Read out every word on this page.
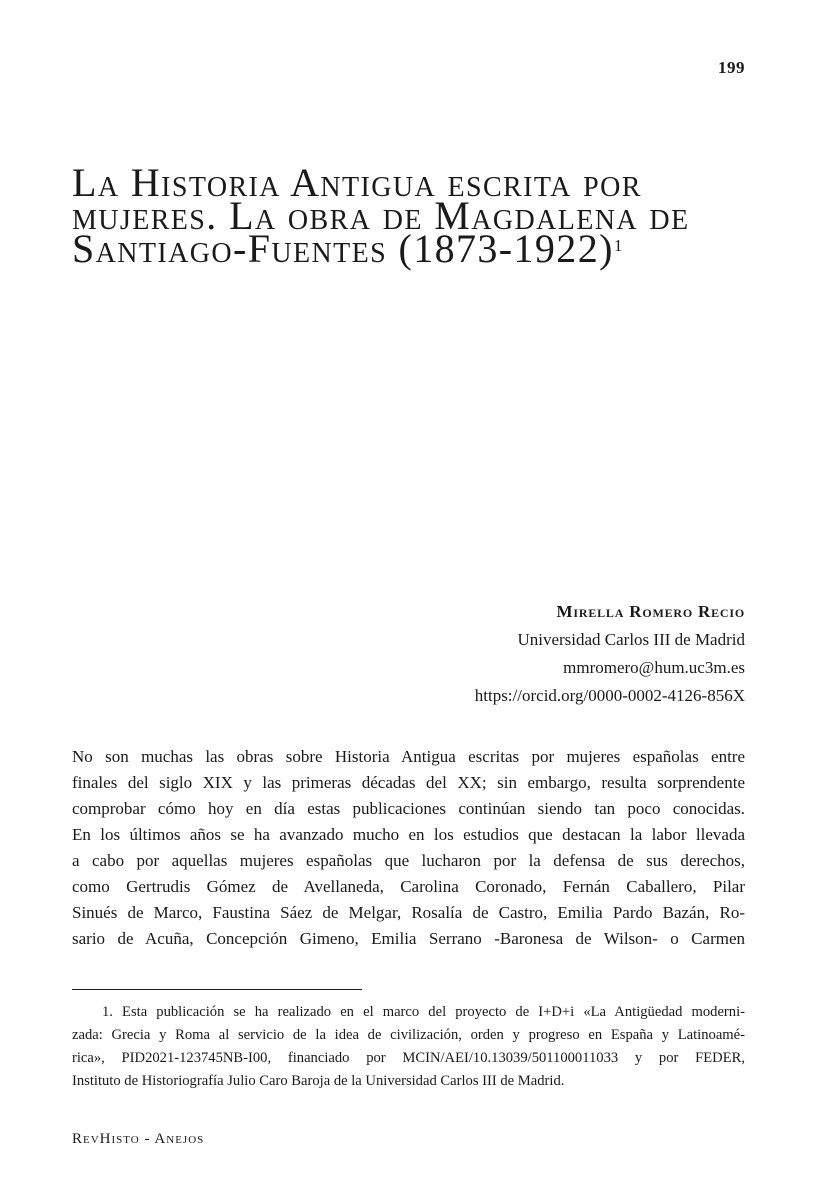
199
La Historia Antigua escrita por
mujeres. La obra de Magdalena de
Santiago-Fuentes (1873-1922)$^1$
Mirella Romero Recio
Universidad Carlos III de Madrid
mmromero@hum.uc3m.es
https://orcid.org/0000-0002-4126-856X
No son muchas las obras sobre Historia Antigua escritas por mujeres españolas entre
finales del siglo XIX y las primeras décadas del XX; sin embargo, resulta sorprendente
comprobar cómo hoy en día estas publicaciones continúan siendo tan poco conocidas.
En los últimos años se ha avanzado mucho en los estudios que destacan la labor llevada
a cabo por aquellas mujeres españolas que lucharon por la defensa de sus derechos,
como Gertrudis Gómez de Avellaneda, Carolina Coronado, Fernán Caballero, Pilar
Sinués de Marco, Faustina Sáez de Melgar, Rosalía de Castro, Emilia Pardo Bazán, Ro-
sario de Acuña, Concepción Gimeno, Emilia Serrano -Baronesa de Wilson- o Carmen
1. Esta publicación se ha realizado en el marco del proyecto de I+D+i «La Antigüedad moderni-
zada: Grecia y Roma al servicio de la idea de civilización, orden y progreso en España y Latinoamé-
rica», PID2021-123745NB-I00, financiado por MCIN/AEI/10.13039/501100011033 y por FEDER,
Instituto de Historiografía Julio Caro Baroja de la Universidad Carlos III de Madrid.
RevHisto - Anejos
